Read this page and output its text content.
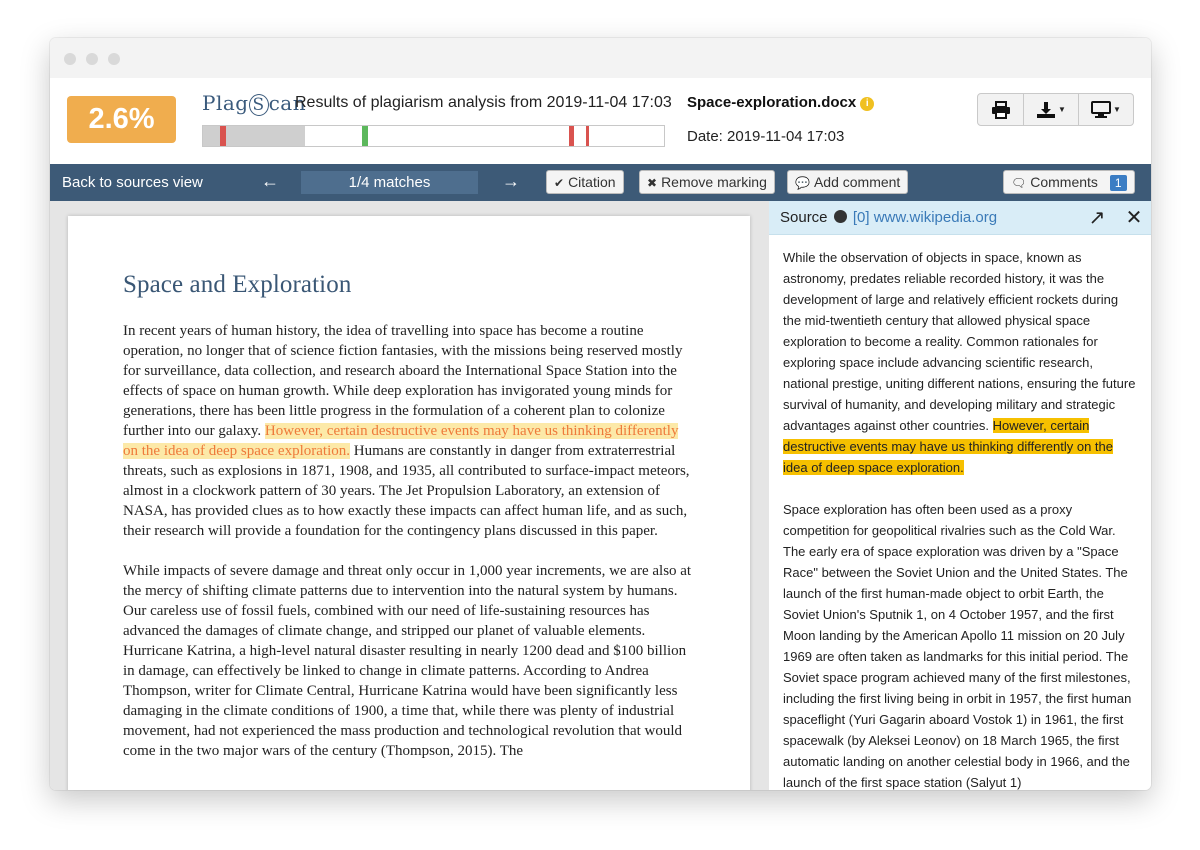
2.6%	Plag S can
Results of plagiarism analysis from 2019-11-04 17:03 Space-exploration.docx i
Date: 2019-11-04 17:03
▼	▼
Back to sources view	←	1/4 matches	→	✔ Citation	✖ Remove marking	💬 Add comment	🗨 Comments 1
Space and Exploration

In recent years of human history, the idea of travelling into space has become a routine operation, no longer that of science fiction fantasies, with the missions being reserved mostly for surveillance, data collection, and research aboard the International Space Station into the effects of space on human growth. While deep exploration has invigorated young minds for generations, there has been little progress in the formulation of a coherent plan to colonize further into our galaxy. However, certain destructive events may have us thinking differently on the idea of deep space exploration. Humans are constantly in danger from extraterrestrial threats, such as explosions in 1871, 1908, and 1935, all contributed to surface-impact meteors, almost in a clockwork pattern of 30 years. The Jet Propulsion Laboratory, an extension of NASA, has provided clues as to how exactly these impacts can affect human life, and as such, their research will provide a foundation for the contingency plans discussed in this paper.

While impacts of severe damage and threat only occur in 1,000 year increments, we are also at the mercy of shifting climate patterns due to intervention into the natural system by humans. Our careless use of fossil fuels, combined with our need of life-sustaining resources has advanced the damages of climate change, and stripped our planet of valuable elements. Hurricane Katrina, a high-level natural disaster resulting in nearly 1200 dead and $100 billion in damage, can effectively be linked to change in climate patterns. According to Andrea Thompson, writer for Climate Central, Hurricane Katrina would have been significantly less damaging in the climate conditions of 1900, a time that, while there was plenty of industrial movement, had not experienced the mass production and technological revolution that would come in the two major wars of the century (Thompson, 2015). The

Source [0] www.wikipedia.org	↗	✕

While the observation of objects in space, known as astronomy, predates reliable recorded history, it was the development of large and relatively efficient rockets during the mid-twentieth century that allowed physical space exploration to become a reality. Common rationales for exploring space include advancing scientific research, national prestige, uniting different nations, ensuring the future survival of humanity, and developing military and strategic advantages against other countries. However, certain destructive events may have us thinking differently on the idea of deep space exploration.

Space exploration has often been used as a proxy competition for geopolitical rivalries such as the Cold War. The early era of space exploration was driven by a "Space Race" between the Soviet Union and the United States. The launch of the first human-made object to orbit Earth, the Soviet Union's Sputnik 1, on 4 October 1957, and the first Moon landing by the American Apollo 11 mission on 20 July 1969 are often taken as landmarks for this initial period. The Soviet space program achieved many of the first milestones, including the first living being in orbit in 1957, the first human spaceflight (Yuri Gagarin aboard Vostok 1) in 1961, the first spacewalk (by Aleksei Leonov) on 18 March 1965, the first automatic landing on another celestial body in 1966, and the launch of the first space station (Salyut 1)
